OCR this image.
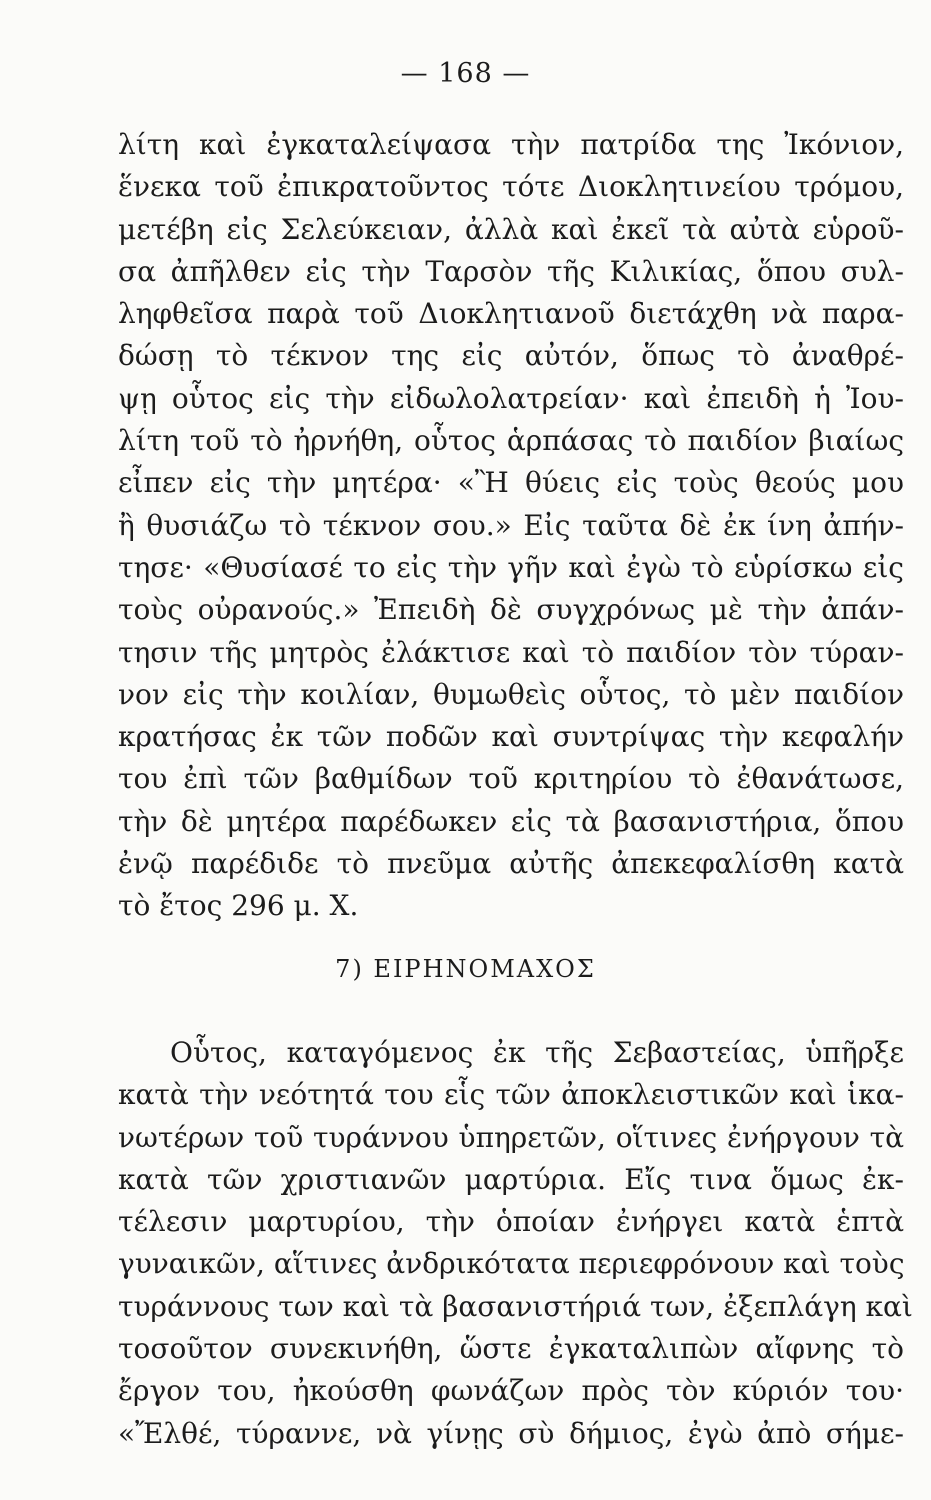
— 168 —
λίτη καὶ ἐγκαταλείψασα τὴν πατρίδα της Ἰκόνιον,
ἕνεκα τοῦ ἐπικρατοῦντος τότε Διοκλητινείου τρόμου,
μετέβη εἰς Σελεύκειαν, ἀλλὰ καὶ ἐκεῖ τὰ αὐτὰ εὑροῦ-
σα ἀπῆλθεν εἰς τὴν Ταρσὸν τῆς Κιλικίας, ὅπου συλ-
ληφθεῖσα παρὰ τοῦ Διοκλητιανοῦ διετάχθη νὰ παρα-
δώσῃ τὸ τέκνον της εἰς αὐτόν, ὅπως τὸ ἀναθρέ-
ψῃ οὗτος εἰς τὴν εἰδωλολατρείαν· καὶ ἐπειδὴ ἡ Ἰου-
λίτη τοῦ τὸ ἠρνήθη, οὗτος ἁρπάσας τὸ παιδίον βιαίως
εἶπεν εἰς τὴν μητέρα· «Ἢ θύεις εἰς τοὺς θεούς μου
ἢ θυσιάζω τὸ τέκνον σου.» Εἰς ταῦτα δὲ ἐκ ίνη ἀπήν-
τησε· «Θυσίασέ το εἰς τὴν γῆν καὶ ἐγὼ τὸ εὑρίσκω εἰς
τοὺς οὐρανούς.» Ἐπειδὴ δὲ συγχρόνως μὲ τὴν ἀπάν-
τησιν τῆς μητρὸς ἐλάκτισε καὶ τὸ παιδίον τὸν τύραν-
νον εἰς τὴν κοιλίαν, θυμωθεὶς οὗτος, τὸ μὲν παιδίον
κρατήσας ἐκ τῶν ποδῶν καὶ συντρίψας τὴν κεφαλήν
του ἐπὶ τῶν βαθμίδων τοῦ κριτηρίου τὸ ἐθανάτωσε,
τὴν δὲ μητέρα παρέδωκεν εἰς τὰ βασανιστήρια, ὅπου
ἐνῷ παρέδιδε τὸ πνεῦμα αὐτῆς ἀπεκεφαλίσθη κατὰ
τὸ ἔτος 296 μ. Χ.
7) ΕΙΡΗΝΟΜΑΧΟΣ
Οὗτος, καταγόμενος ἐκ τῆς Σεβαστείας, ὑπῆρξε
κατὰ τὴν νεότητά του εἷς τῶν ἀποκλειστικῶν καὶ ἱκα-
νωτέρων τοῦ τυράννου ὑπηρετῶν, οἵτινες ἐνήργουν τὰ
κατὰ τῶν χριστιανῶν μαρτύρια. Εἴς τινα ὅμως ἐκ-
τέλεσιν μαρτυρίου, τὴν ὁποίαν ἐνήργει κατὰ ἑπτὰ
γυναικῶν, αἵτινες ἀνδρικότατα περιεφρόνουν καὶ τοὺς
τυράννους των καὶ τὰ βασανιστήριά των, ἐξεπλάγη καὶ
τοσοῦτον συνεκινήθη, ὥστε ἐγκαταλιπὼν αἴφνης τὸ
ἔργον του, ἠκούσθη φωνάζων πρὸς τὸν κύριόν του·
«Ἔλθέ, τύραννε, νὰ γίνῃς σὺ δήμιος, ἐγὼ ἀπὸ σήμε-
